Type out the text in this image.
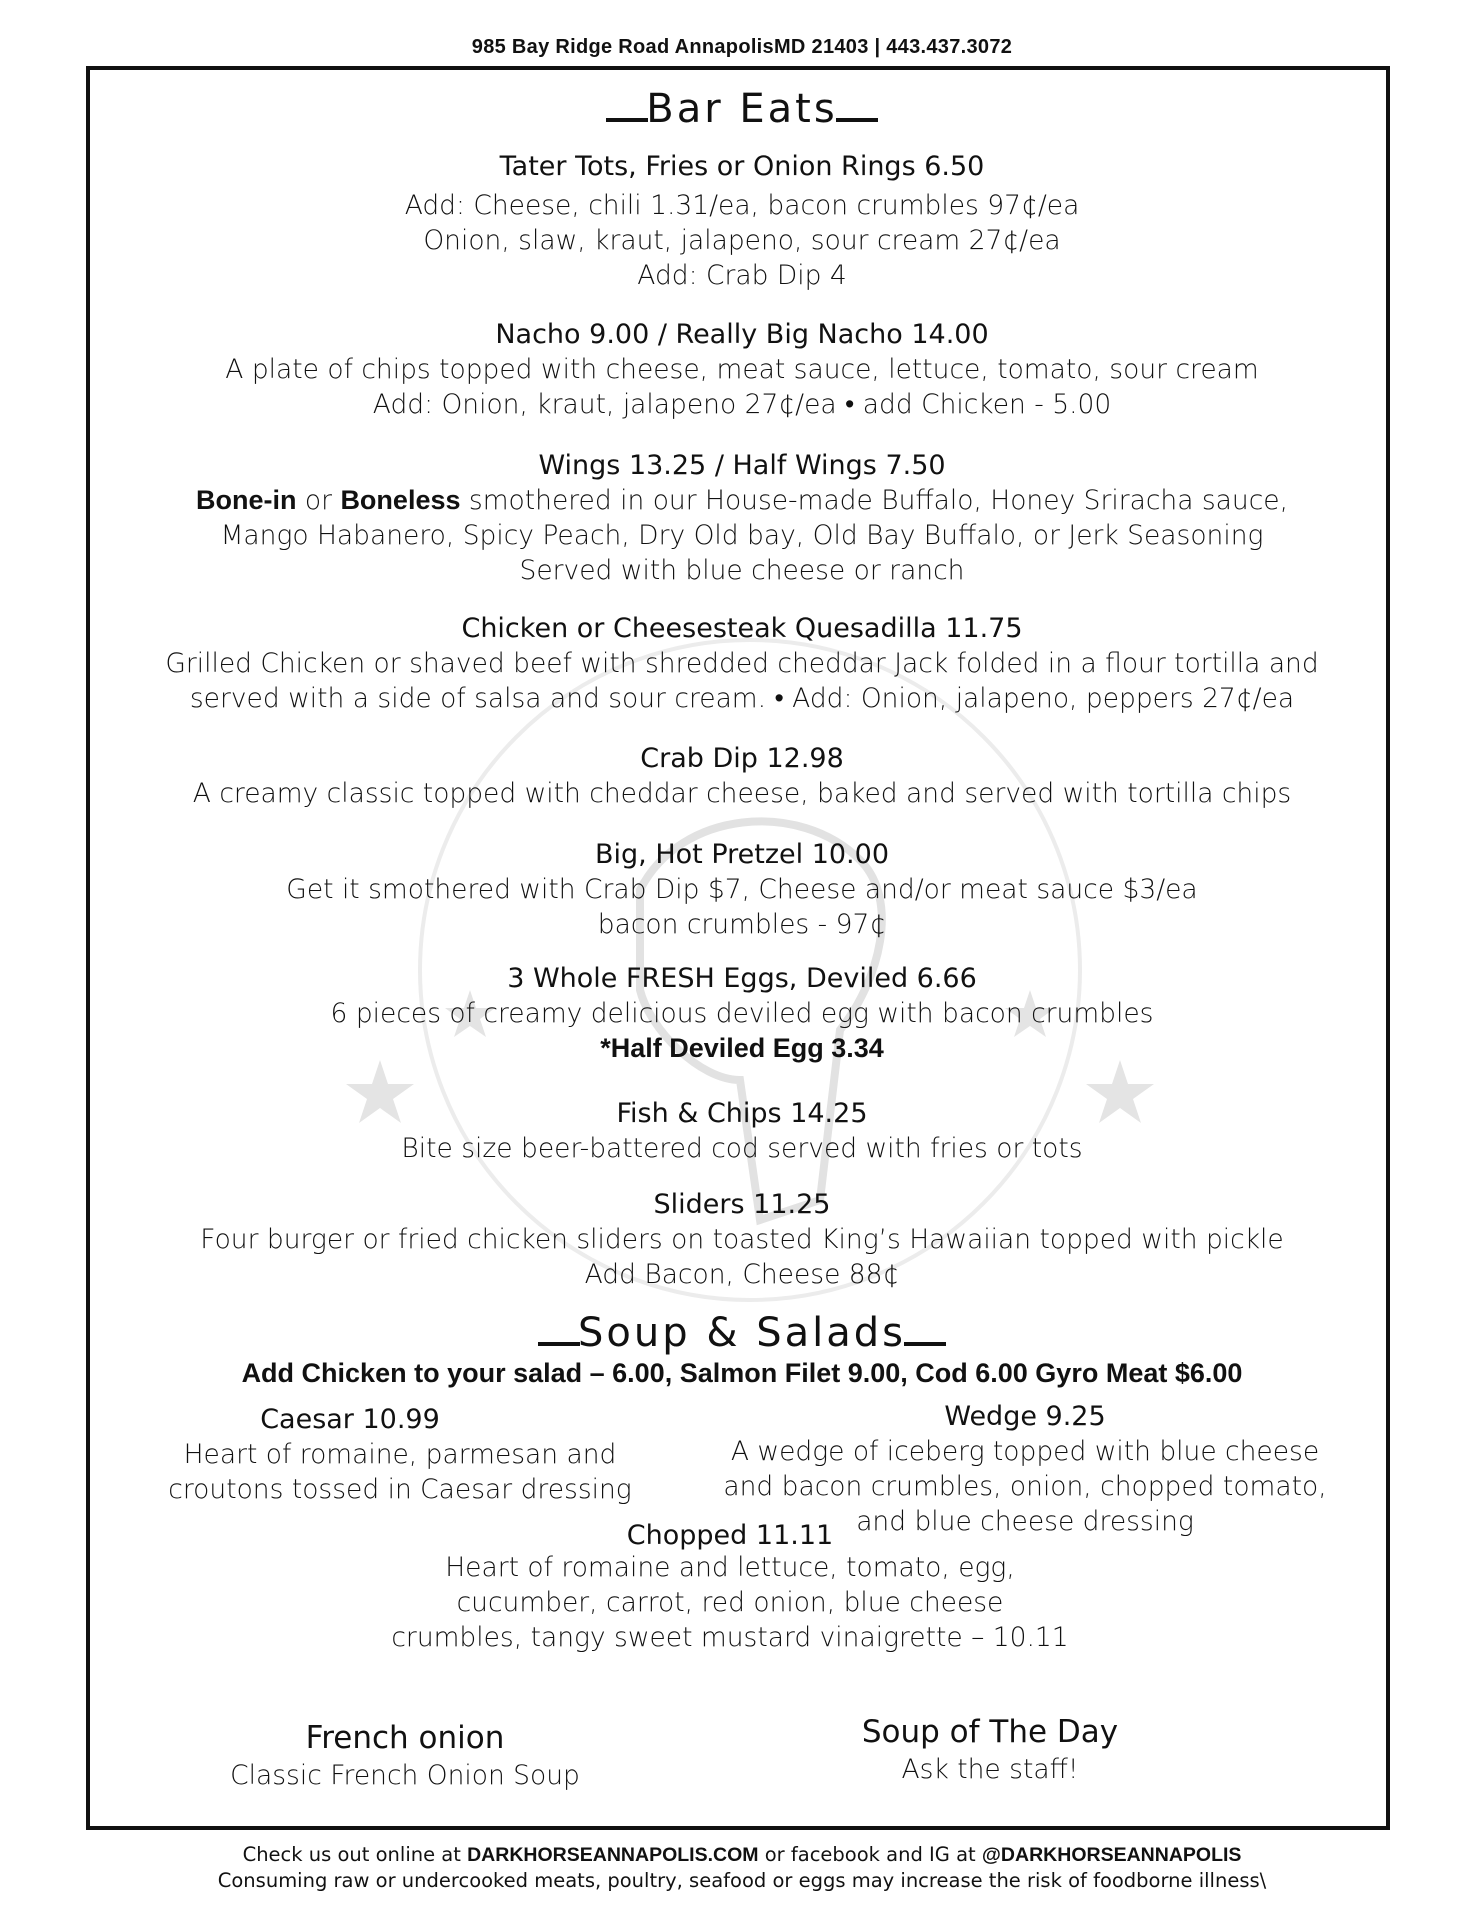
985 Bay Ridge Road AnnapolisMD 21403 | 443.437.3072
Bar Eats
Tater Tots, Fries or Onion Rings 6.50
Add: Cheese, chili 1.31/ea, bacon crumbles 97¢/ea
Onion, slaw, kraut, jalapeno, sour cream 27¢/ea
Add: Crab Dip 4
Nacho 9.00 / Really Big Nacho 14.00
A plate of chips topped with cheese, meat sauce, lettuce, tomato, sour cream
Add: Onion, kraut, jalapeno 27¢/ea • add Chicken - 5.00
Wings 13.25 / Half Wings 7.50
Bone-in or Boneless smothered in our House-made Buffalo, Honey Sriracha sauce,
Mango Habanero, Spicy Peach, Dry Old bay, Old Bay Buffalo, or Jerk Seasoning
Served with blue cheese or ranch
Chicken or Cheesesteak Quesadilla 11.75
Grilled Chicken or shaved beef with shredded cheddar Jack folded in a flour tortilla and
served with a side of salsa and sour cream. • Add: Onion, jalapeno, peppers 27¢/ea
Crab Dip 12.98
A creamy classic topped with cheddar cheese, baked and served with tortilla chips
Big, Hot Pretzel 10.00
Get it smothered with Crab Dip $7, Cheese and/or meat sauce $3/ea
bacon crumbles - 97¢
3 Whole FRESH Eggs, Deviled 6.66
6 pieces of creamy delicious deviled egg with bacon crumbles
*Half Deviled Egg 3.34
Fish & Chips 14.25
Bite size beer-battered cod served with fries or tots
Sliders 11.25
Four burger or fried chicken sliders on toasted King’s Hawaiian topped with pickle
Add Bacon, Cheese 88¢
Soup & Salads
Add Chicken to your salad – 6.00, Salmon Filet 9.00, Cod 6.00 Gyro Meat $6.00
Caesar 10.99
Heart of romaine, parmesan and
croutons tossed in Caesar dressing
Wedge 9.25
A wedge of iceberg topped with blue cheese
and bacon crumbles, onion, chopped tomato,
and blue cheese dressing
Chopped 11.11
Heart of romaine and lettuce, tomato, egg,
cucumber, carrot, red onion, blue cheese
crumbles, tangy sweet mustard vinaigrette – 10.11
French onion
Classic French Onion Soup
Soup of The Day
Ask the staff!
Check us out online at DARKHORSEANNAPOLIS.COM or facebook and IG at @DARKHORSEANNAPOLIS
Consuming raw or undercooked meats, poultry, seafood or eggs may increase the risk of foodborne illness\
